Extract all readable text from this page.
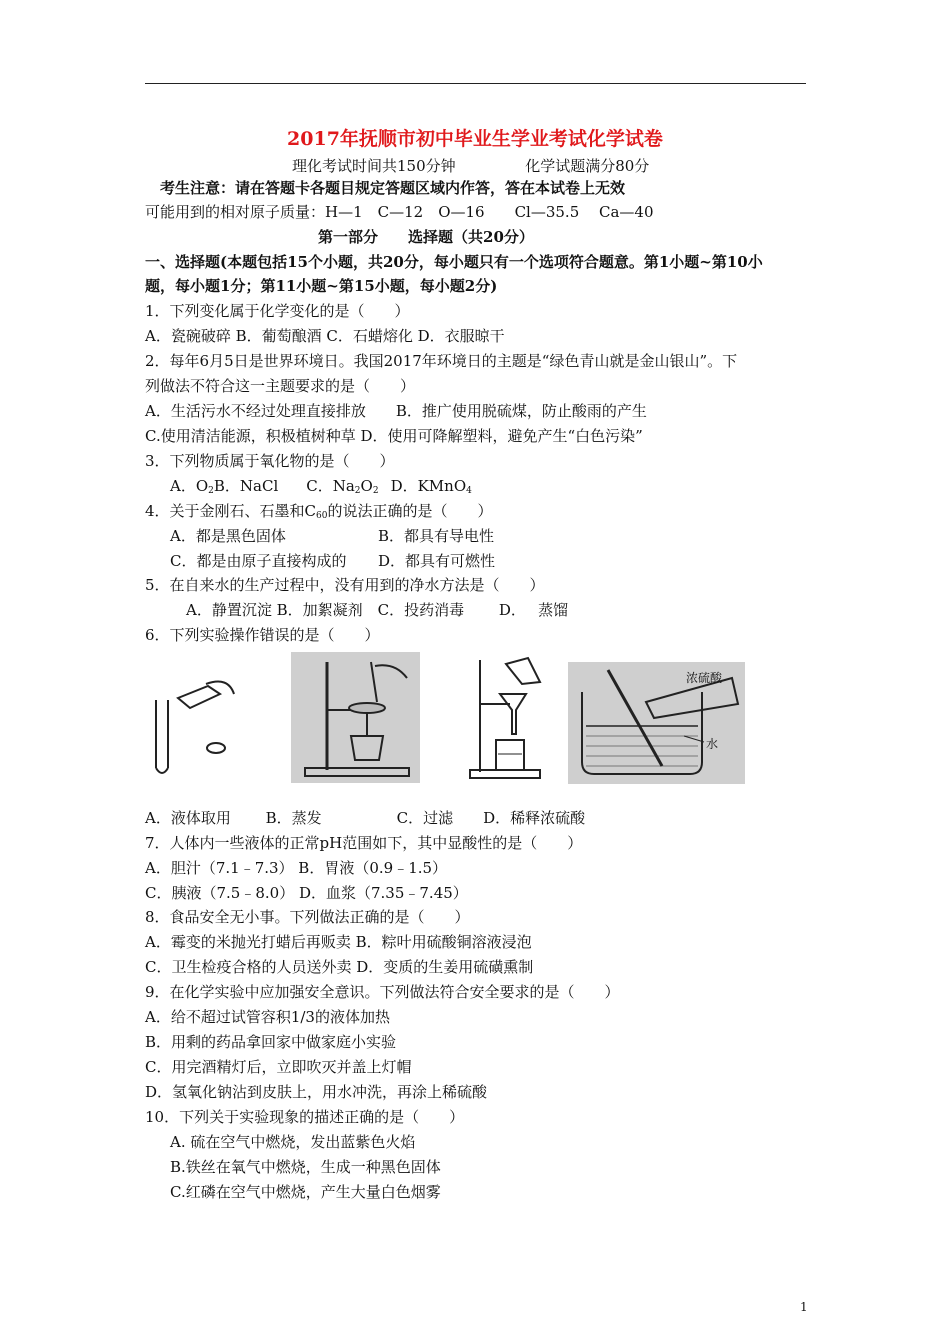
2017年抚顺市初中毕业生学业考试化学试卷
理化考试时间共150分钟	化学试题满分80分
考生注意：请在答题卡各题目规定答题区域内作答，答在本试卷上无效
可能用到的相对原子质量：H—1　C—12　O—16　　Cl—35.5　 Ca—40
第一部分　　选择题（共20分）
一、选择题(本题包括15个小题，共20分，每小题只有一个选项符合题意。第1小题~第10小
题，每小题1分；第11小题~第15小题，每小题2分)
1．下列变化属于化学变化的是（　　）
A．瓷碗破碎 B．葡萄酿酒 C．石蜡熔化 D．衣服晾干
2．每年6月5日是世界环境日。我国2017年环境日的主题是“绿色青山就是金山银山”。下
列做法不符合这一主题要求的是（　　）
A．生活污水不经过处理直接排放　　B．推广使用脱硫煤，防止酸雨的产生
C.使用清洁能源，积极植树种草 D．使用可降解塑料，避免产生“白色污染”
3．下列物质属于氧化物的是（　　）
A．$O_2B$．NaCl C．$Na_2O_2$ D．KMnO$_4$
4．关于金刚石、石墨和$C_{60}$的说法正确的是（　　）
A．都是黑色固体	B．都具有导电性
C．都是由原子直接构成的 D．都具有可燃性
5．在自来水的生产过程中，没有用到的净水方法是（　　）
A．静置沉淀 B．加絮凝剂　C．投药消毒　　 D．　 蒸馏
6．下列实验操作错误的是（　　）
浓硫酸
水
A．液体取用　　 B．蒸发　　　　　C．过滤　　D．稀释浓硫酸
7．人体内一些液体的正常pH范围如下，其中显酸性的是（　　）
A．胆汁（7.1﹣7.3） B．胃液（0.9﹣1.5）
C．胰液（7.5﹣8.0） D．血浆（7.35﹣7.45）
8．食品安全无小事。下列做法正确的是（　　）
A．霉变的米抛光打蜡后再贩卖 B．粽叶用硫酸铜溶液浸泡
C．卫生检疫合格的人员送外卖 D．变质的生姜用硫磺熏制
9．在化学实验中应加强安全意识。下列做法符合安全要求的是（　　）
A．给不超过试管容积1/3的液体加热
B．用剩的药品拿回家中做家庭小实验
C．用完酒精灯后，立即吹灭并盖上灯帽
D．氢氧化钠沾到皮肤上，用水冲洗，再涂上稀硫酸
10．下列关于实验现象的描述正确的是（　　）
A. 硫在空气中燃烧，发出蓝紫色火焰
B.铁丝在氧气中燃烧，生成一种黑色固体
C.红磷在空气中燃烧，产生大量白色烟雾
1
